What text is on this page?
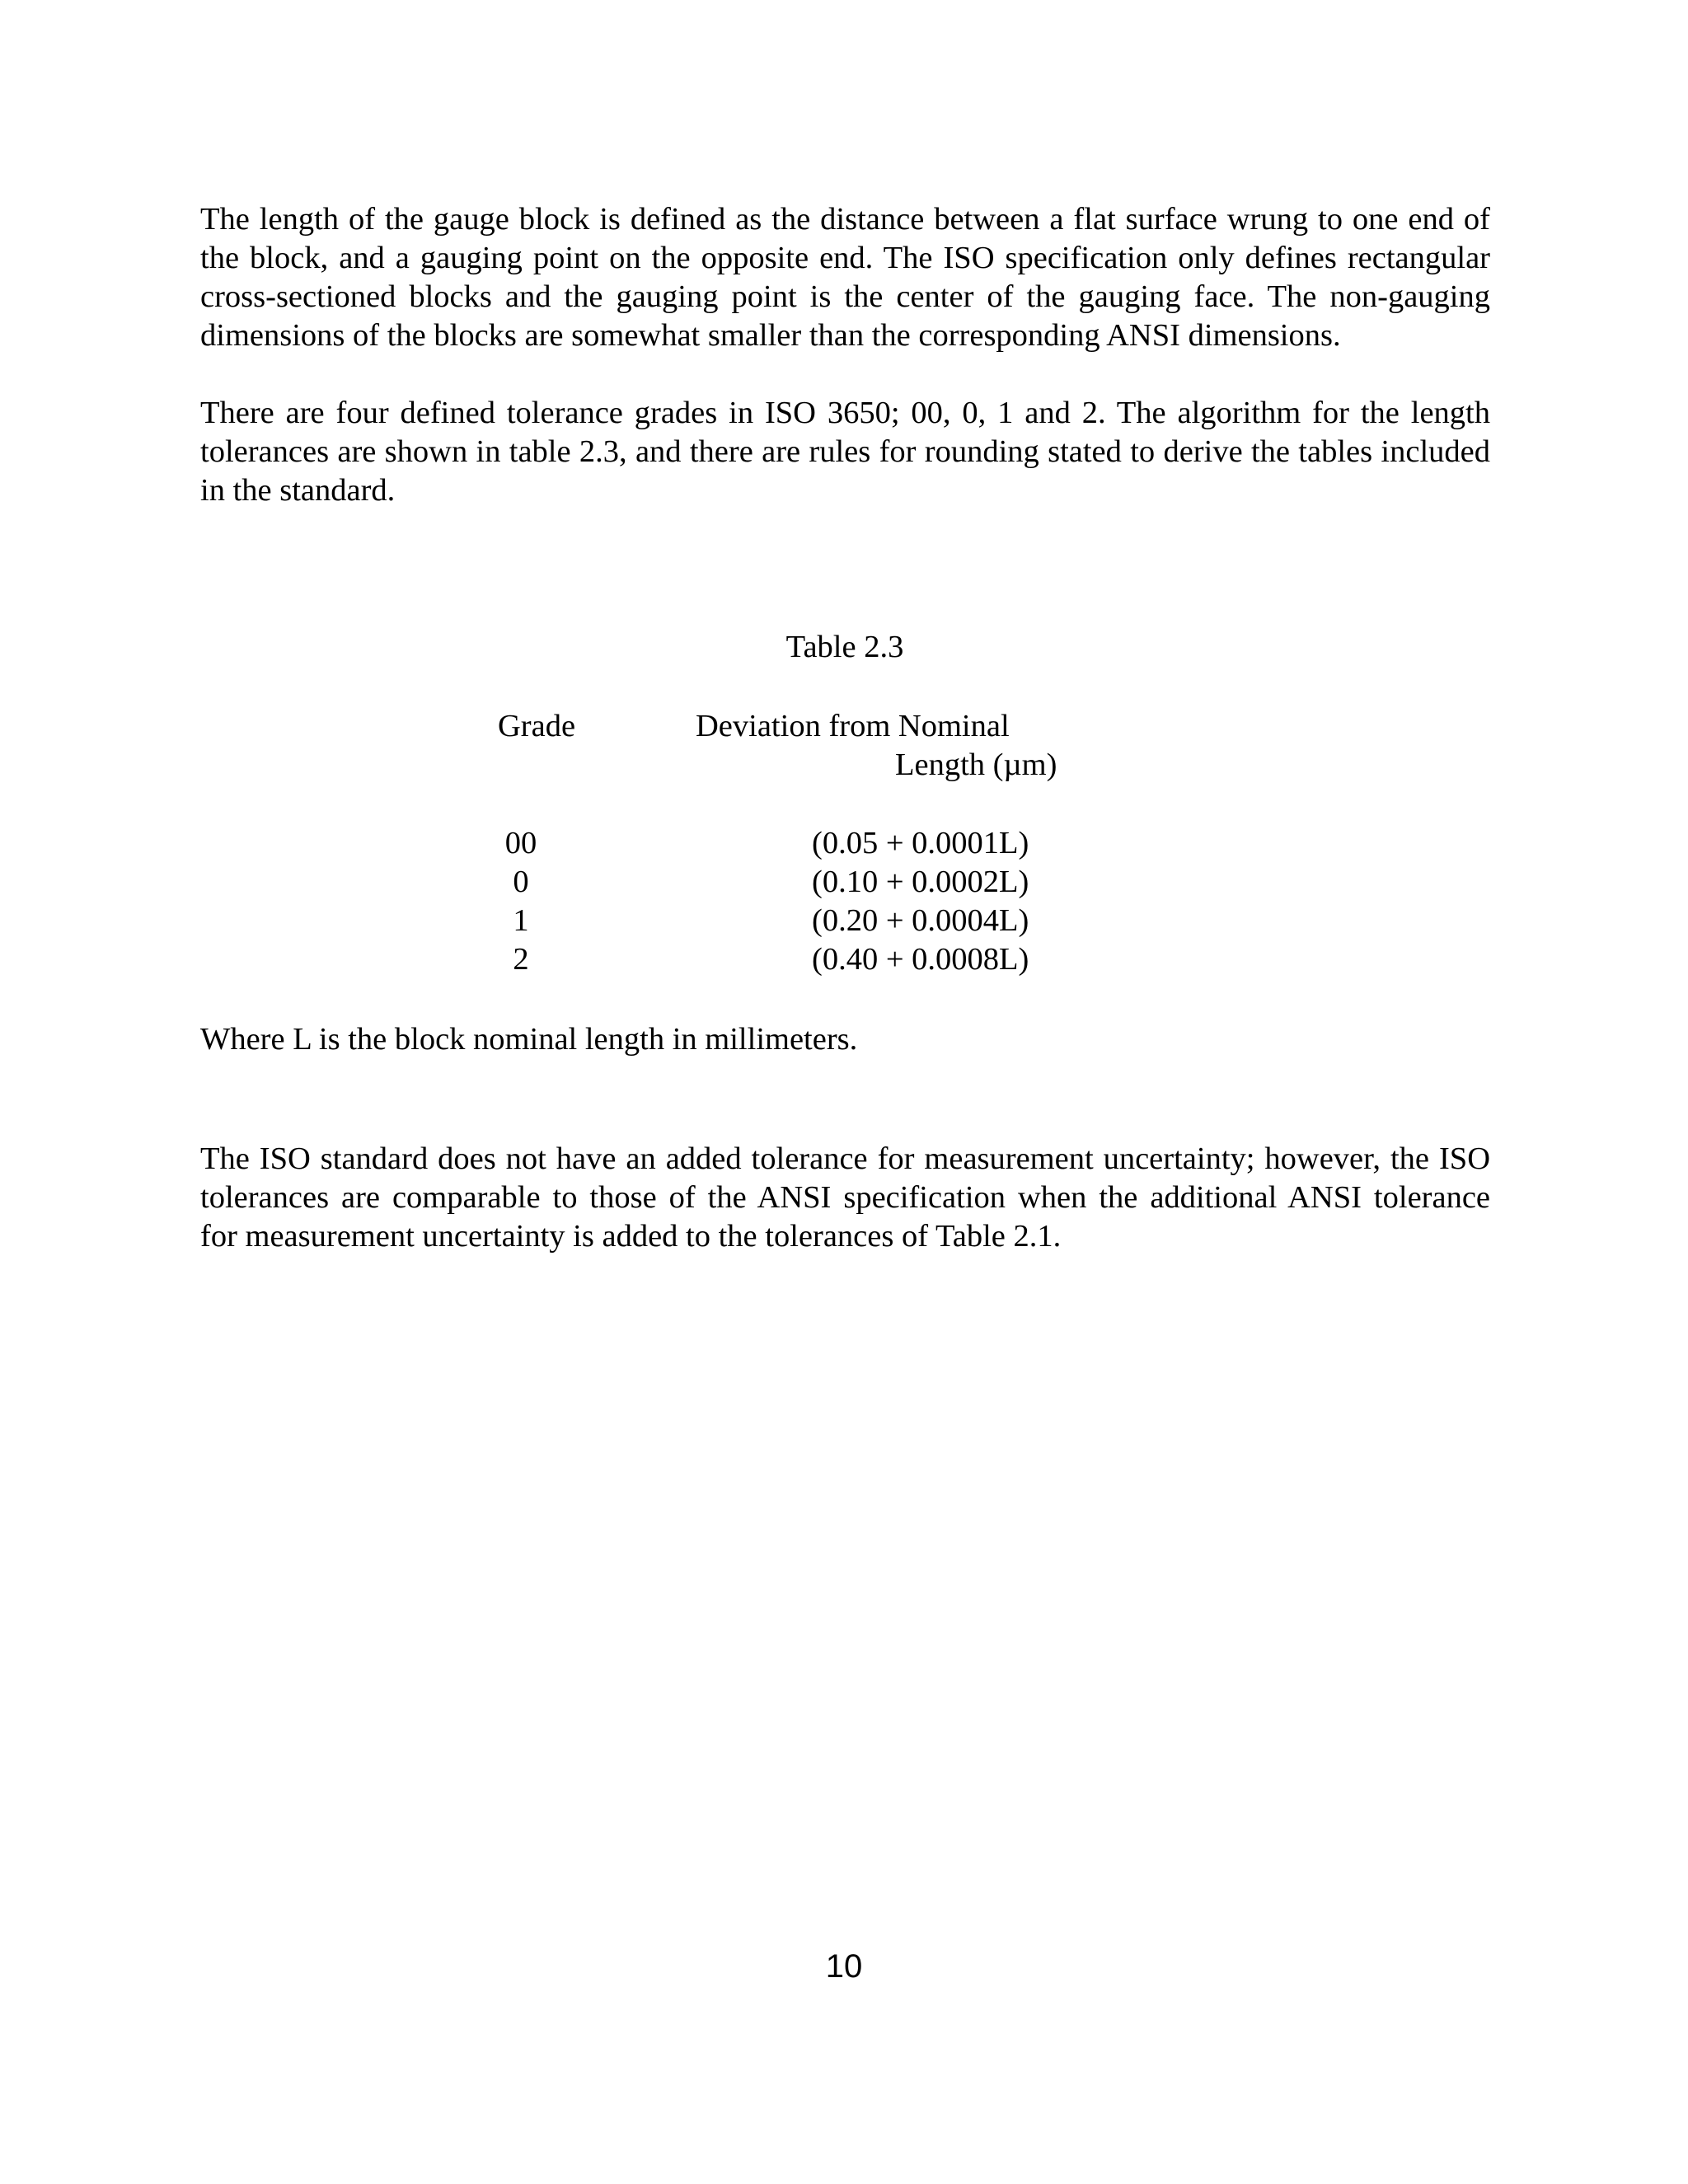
The length of the gauge block is defined as the distance between a flat surface wrung to one end of
the block, and a gauging point on the opposite end. The ISO specification only defines rectangular
cross-sectioned blocks and the gauging point is the center of the gauging face. The non-gauging
dimensions of the blocks are somewhat smaller than the corresponding ANSI dimensions.

There are four defined tolerance grades in ISO 3650; 00, 0, 1 and 2. The algorithm for the length
tolerances are shown in table 2.3, and there are rules for rounding stated to derive the tables included
in the standard.

Table 2.3
Grade	Deviation from Nominal
Length (µm)
00
0
1
2
(0.05 + 0.0001L)
(0.10 + 0.0002L)
(0.20 + 0.0004L)
(0.40 + 0.0008L)
Where L is the block nominal length in millimeters.

The ISO standard does not have an added tolerance for measurement uncertainty; however, the ISO
tolerances are comparable to those of the ANSI specification when the additional ANSI tolerance
for measurement uncertainty is added to the tolerances of Table 2.1.

10
